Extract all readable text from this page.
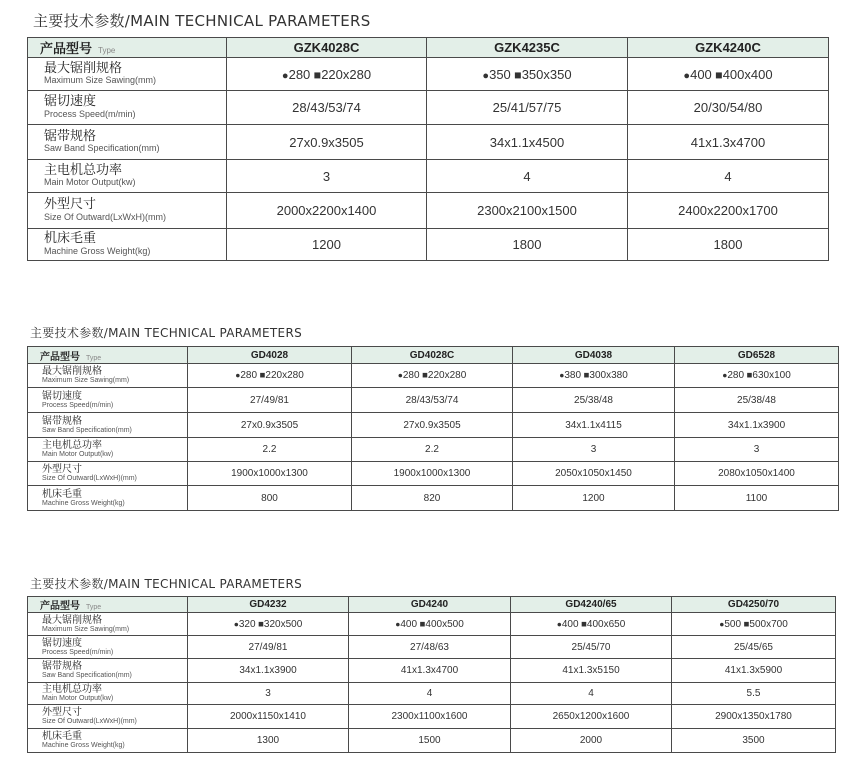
主要技术参数/MAIN TECHNICAL PARAMETERS
产品型号 Type	GZK4028C	GZK4235C	GZK4240C

最大锯削规格
Maximum Size Sawing(mm)	●280 ■220x280	●350 ■350x350	●400 ■400x400

锯切速度
Process Speed(m/min)	28/43/53/74	25/41/57/75	20/30/54/80

锯带规格
Saw Band Specification(mm)	27x0.9x3505	34x1.1x4500	41x1.3x4700

主电机总功率
Main Motor Output(kw)	3	4	4

外型尺寸
Size Of Outward(LxWxH)(mm)	2000x2200x1400	2300x2100x1500	2400x2200x1700

机床毛重
Machine Gross Weight(kg)	1200	1800	1800
主要技术参数/MAIN TECHNICAL PARAMETERS
产品型号 Type	GD4028	GD4028C	GD4038	GD6528

最大锯削规格
Maximum Size Sawing(mm)	●280 ■220x280	●280 ■220x280	●380 ■300x380	●280 ■630x100

锯切速度
Process Speed(m/min)	27/49/81	28/43/53/74	25/38/48	25/38/48

锯带规格
Saw Band Specification(mm)	27x0.9x3505	27x0.9x3505	34x1.1x4115	34x1.1x3900

主电机总功率
Main Motor Output(kw)	2.2	2.2	3	3

外型尺寸
Size Of Outward(LxWxH)(mm)	1900x1000x1300	1900x1000x1300	2050x1050x1450	2080x1050x1400

机床毛重
Machine Gross Weight(kg)	800	820	1200	1100
主要技术参数/MAIN TECHNICAL PARAMETERS
产品型号 Type	GD4232	GD4240	GD4240/65	GD4250/70

最大锯削规格
Maximum Size Sawing(mm)	●320 ■320x500	●400 ■400x500	●400 ■400x650	●500 ■500x700

锯切速度
Process Speed(m/min)	27/49/81	27/48/63	25/45/70	25/45/65

锯带规格
Saw Band Specification(mm)	34x1.1x3900	41x1.3x4700	41x1.3x5150	41x1.3x5900

主电机总功率
Main Motor Output(kw)	3	4	4	5.5

外型尺寸
Size Of Outward(LxWxH)(mm)	2000x1150x1410	2300x1100x1600	2650x1200x1600	2900x1350x1780

机床毛重
Machine Gross Weight(kg)	1300	1500	2000	3500
